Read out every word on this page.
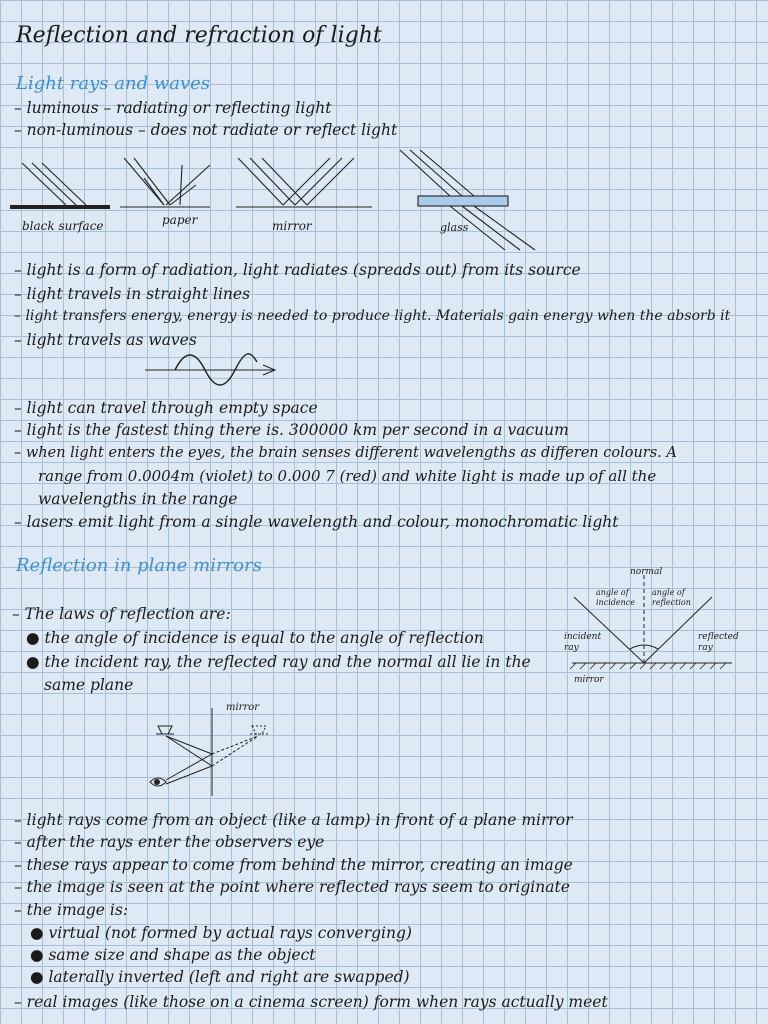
Reflection and refraction of light
Light rays and waves
– luminous – radiating or reflecting light
– non-luminous – does not radiate or reflect light
black surface	paper	mirror	glass
– light is a form of radiation, light radiates (spreads out) from its source
– light travels in straight lines
– light transfers energy, energy is needed to produce light. Materials gain energy when the absorb it
– light travels as waves
– light can travel through empty space
– light is the fastest thing there is. 300000 km per second in a vacuum
– when light enters the eyes, the brain senses different wavelengths as differen colours. A
range from 0.0004m (violet) to 0.000 7 (red) and white light is made up of all the
wavelengths in the range
– lasers emit light from a single wavelength and colour, monochromatic light
Reflection in plane mirrors
– The laws of reflection are:
● the angle of incidence is equal to the angle of reflection
● the incident ray, the reflected ray and the normal all lie in the
same plane
normal
angle of incidence
angle of reflection
incident ray
reflected ray
mirror
mirror
– light rays come from an object (like a lamp) in front of a plane mirror
– after the rays enter the observers eye
– these rays appear to come from behind the mirror, creating an image
– the image is seen at the point where reflected rays seem to originate
– the image is:
● virtual (not formed by actual rays converging)
● same size and shape as the object
● laterally inverted (left and right are swapped)
– real images (like those on a cinema screen) form when rays actually meet
